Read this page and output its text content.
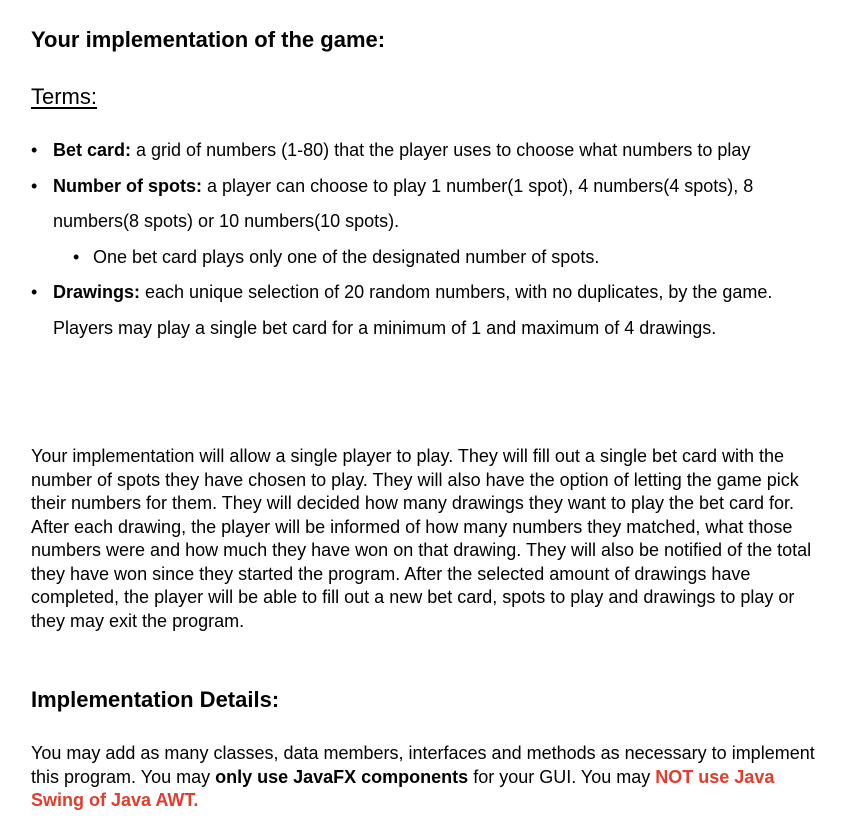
Your implementation of the game:
Terms:
• Bet card: a grid of numbers (1-80) that the player uses to choose what numbers to play
• Number of spots: a player can choose to play 1 number(1 spot), 4 numbers(4 spots), 8 numbers(8 spots) or 10 numbers(10 spots).
• One bet card plays only one of the designated number of spots.
• Drawings: each unique selection of 20 random numbers, with no duplicates, by the game. Players may play a single bet card for a minimum of 1 and maximum of 4 drawings.

Your implementation will allow a single player to play. They will fill out a single bet card with the number of spots they have chosen to play. They will also have the option of letting the game pick their numbers for them. They will decided how many drawings they want to play the bet card for. After each drawing, the player will be informed of how many numbers they matched, what those numbers were and how much they have won on that drawing. They will also be notified of the total they have won since they started the program. After the selected amount of drawings have completed, the player will be able to fill out a new bet card, spots to play and drawings to play or they may exit the program.

Implementation Details:

You may add as many classes, data members, interfaces and methods as necessary to implement this program. You may only use JavaFX components for your GUI. You may NOT use Java Swing of Java AWT.
